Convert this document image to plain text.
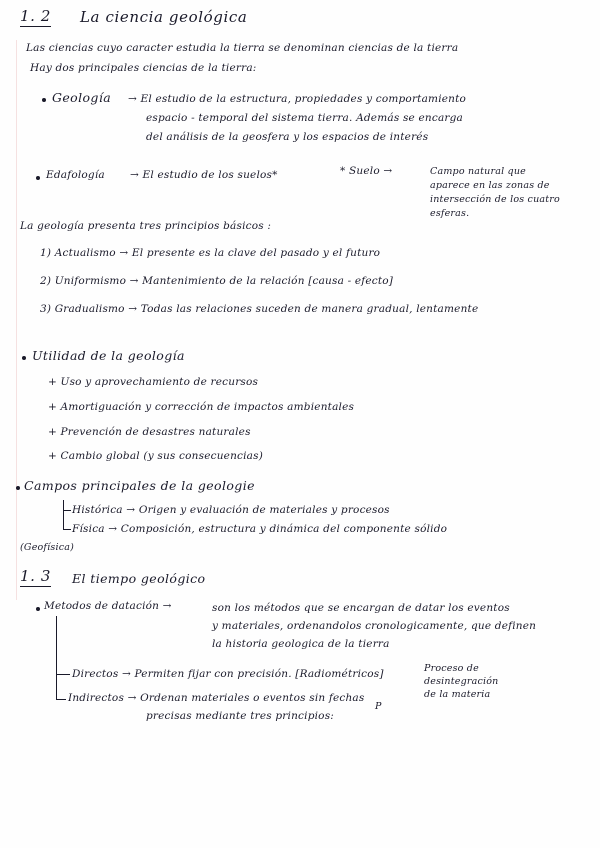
1. 2 La ciencia geológica
Las ciencias cuyo caracter estudia la tierra se denominan ciencias de la tierra
Hay dos principales ciencias de la tierra:
Geología → El estudio de la estructura, propiedades y comportamiento
espacio - temporal del sistema tierra. Además se encarga
del análisis de la geosfera y los espacios de interés
Edafología → El estudio de los suelos*	* Suelo →	Campo natural que
aparece en las zonas de
intersección de los cuatro
esferas.
La geología presenta tres principios básicos :
1) Actualismo → El presente es la clave del pasado y el futuro
2) Uniformismo → Mantenimiento de la relación [causa - efecto]
3) Gradualismo → Todas las relaciones suceden de manera gradual, lentamente
Utilidad de la geología
+ Uso y aprovechamiento de recursos
+ Amortiguación y corrección de impactos ambientales
+ Prevención de desastres naturales
+ Cambio global (y sus consecuencias)
Campos principales de la geologie
Histórica → Origen y evaluación de materiales y procesos
Física → Composición, estructura y dinámica del componente sólido
(Geofísica)
1. 3 El tiempo geológico
Metodos de datación →	son los métodos que se encargan de datar los eventos
y materiales, ordenandolos cronologicamente, que definen
la historia geologica de la tierra
Directos → Permiten fijar con precisión. [Radiométricos]	Proceso de
desintegración
de la materia
Indirectos → Ordenan materiales o eventos sin fechas
precisas mediante tres principios:
P
